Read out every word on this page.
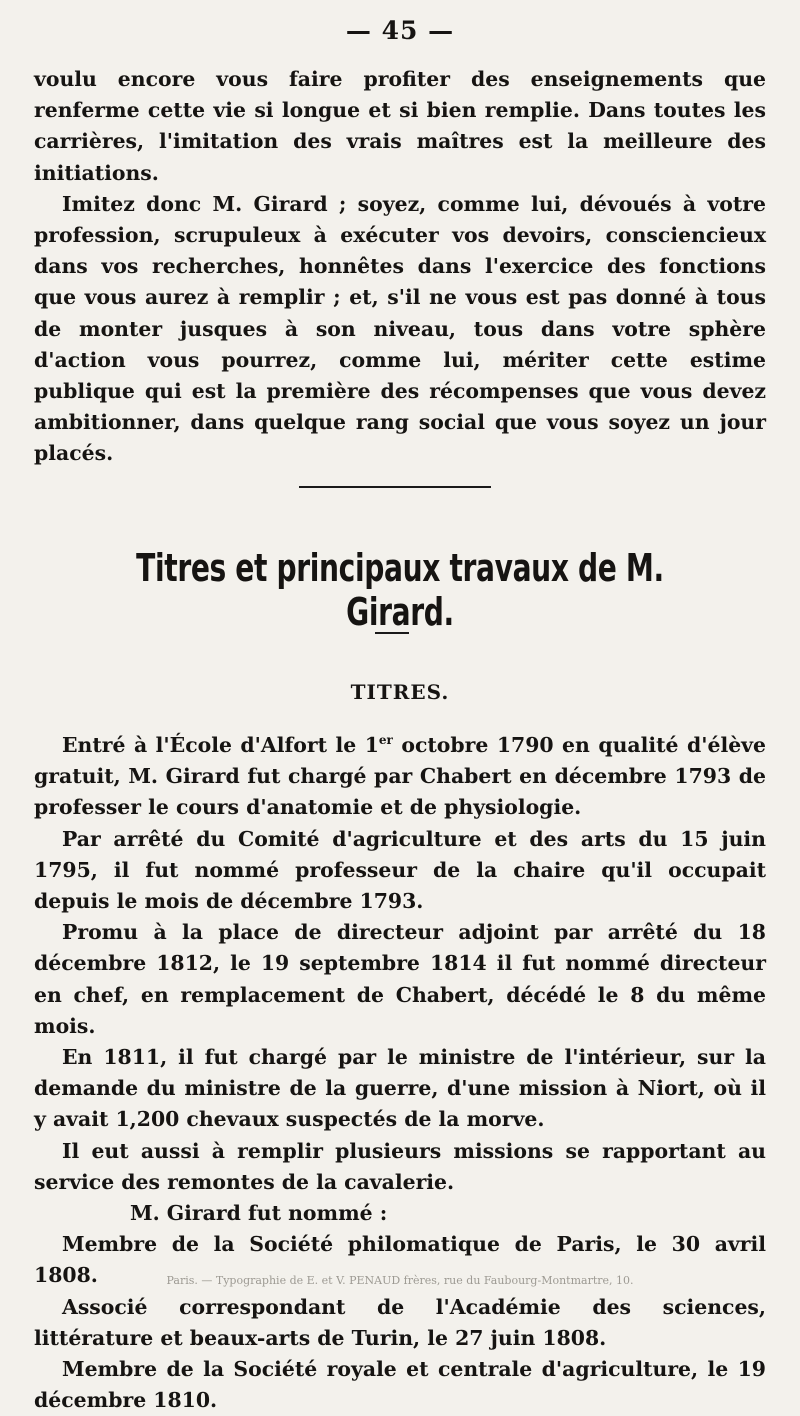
— 45 —

voulu encore vous faire profiter des enseignements que renferme cette vie si longue et si bien remplie. Dans toutes les carrières, l'imitation des vrais maîtres est la meilleure des initiations.

Imitez donc M. Girard ; soyez, comme lui, dévoués à votre profession, scrupuleux à exécuter vos devoirs, consciencieux dans vos recherches, honnêtes dans l'exercice des fonctions que vous aurez à remplir ; et, s'il ne vous est pas donné à tous de monter jusques à son niveau, tous dans votre sphère d'action vous pourrez, comme lui, mériter cette estime publique qui est la première des récompenses que vous devez ambitionner, dans quelque rang social que vous soyez un jour placés.

Titres et principaux travaux de M. Girard.
TITRES.

Entré à l'École d'Alfort le 1er octobre 1790 en qualité d'élève gratuit, M. Girard fut chargé par Chabert en décembre 1793 de professer le cours d'anatomie et de physiologie.

Par arrêté du Comité d'agriculture et des arts du 15 juin 1795, il fut nommé professeur de la chaire qu'il occupait depuis le mois de décembre 1793.

Promu à la place de directeur adjoint par arrêté du 18 décembre 1812, le 19 septembre 1814 il fut nommé directeur en chef, en remplacement de Chabert, décédé le 8 du même mois.

En 1811, il fut chargé par le ministre de l'intérieur, sur la demande du ministre de la guerre, d'une mission à Niort, où il y avait 1,200 chevaux suspectés de la morve.

Il eut aussi à remplir plusieurs missions se rapportant au service des remontes de la cavalerie.

M. Girard fut nommé :

Membre de la Société philomatique de Paris, le 30 avril 1808.

Associé correspondant de l'Académie des sciences, littérature et beaux-arts de Turin, le 27 juin 1808.

Membre de la Société royale et centrale d'agriculture, le 19 décembre 1810.

Paris. — Typographie de E. et V. PENAUD frères, rue du Faubourg-Montmartre, 10.
